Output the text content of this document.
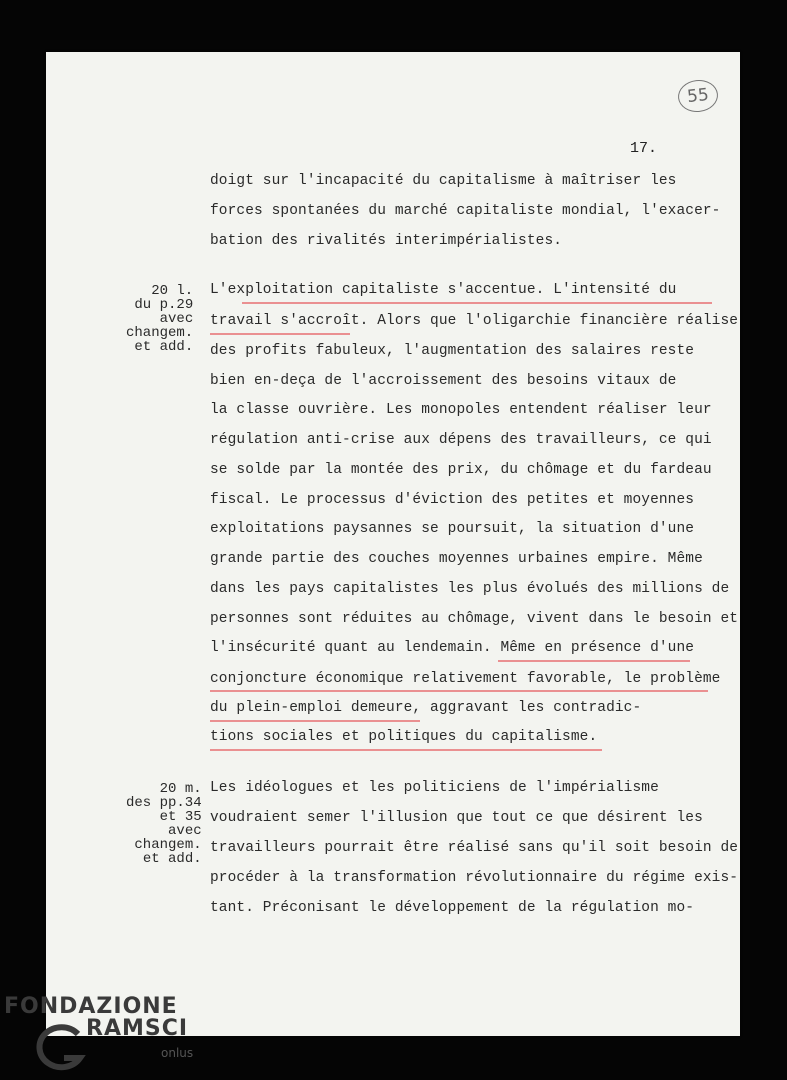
55
17.
20 l.
du p.29
avec
changem.
et add.
20 m.
des pp.34
et 35
avec
changem.
et add.
doigt sur l'incapacité du capitalisme à maîtriser les
forces spontanées du marché capitaliste mondial, l'exacer-
bation des rivalités interimpérialistes.
L'exploitation capitaliste s'accentue. L'intensité du
travail s'accroît. Alors que l'oligarchie financière réalise
des profits fabuleux, l'augmentation des salaires reste
bien en-deça de l'accroissement des besoins vitaux de
la classe ouvrière. Les monopoles entendent réaliser leur
régulation anti-crise aux dépens des travailleurs, ce qui
se solde par la montée des prix, du chômage et du fardeau
fiscal. Le processus d'éviction des petites et moyennes
exploitations paysannes se poursuit, la situation d'une
grande partie des couches moyennes urbaines empire. Même
dans les pays capitalistes les plus évolués des millions de
personnes sont réduites au chômage, vivent dans le besoin et
l'insécurité quant au lendemain. Même en présence d'une
conjoncture économique relativement favorable, le problème
du plein-emploi demeure, aggravant les contradic-
tions sociales et politiques du capitalisme.
Les idéologues et les politiciens de l'impérialisme
voudraient semer l'illusion que tout ce que désirent les
travailleurs pourrait être réalisé sans qu'il soit besoin de
procéder à la transformation révolutionnaire du régime exis-
tant. Préconisant le développement de la régulation mo-
FONDAZIONE
RAMSCI
onlus
